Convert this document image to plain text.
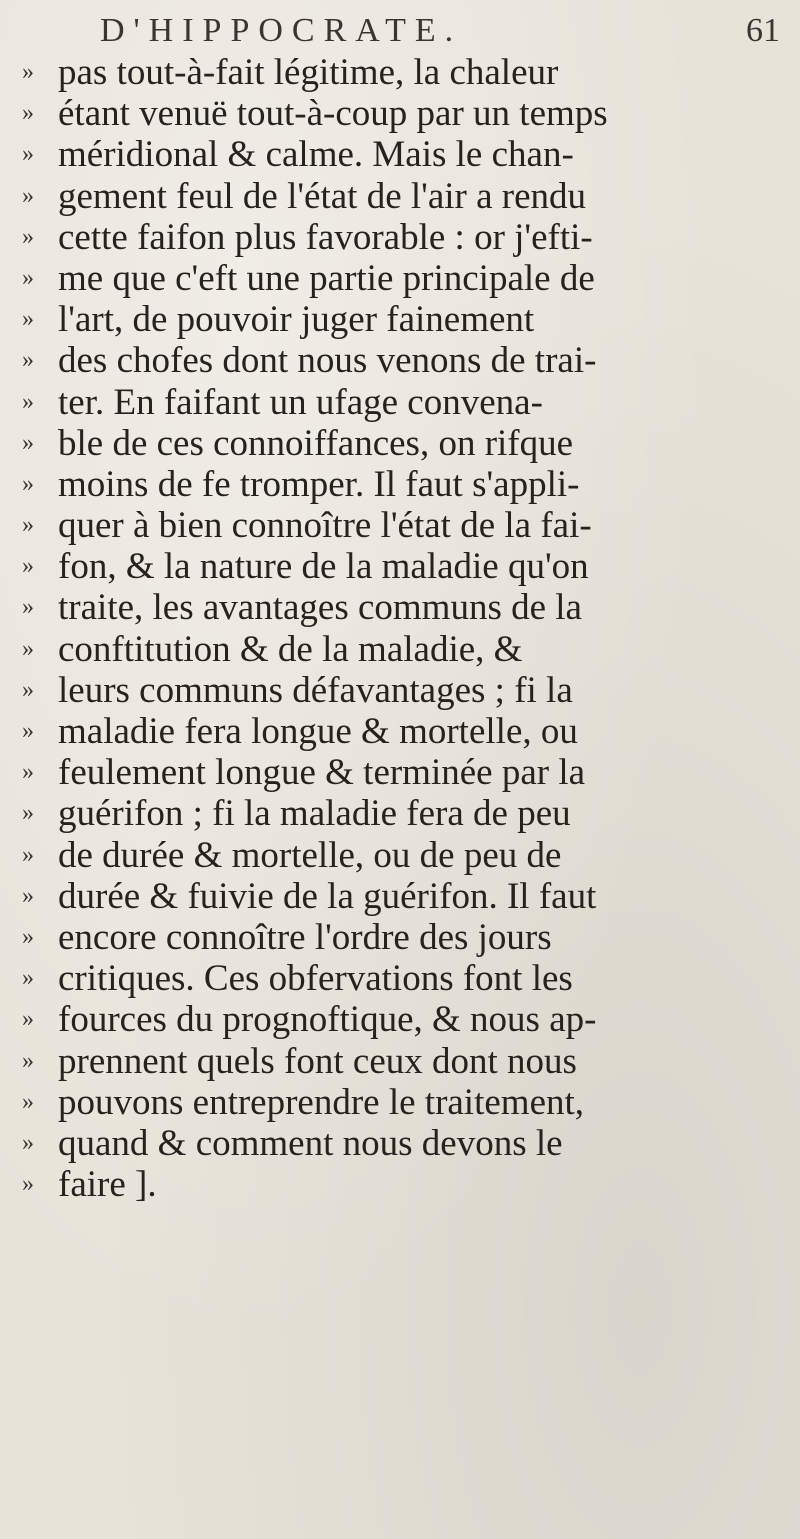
D'HIPPOCRATE.	61
» pas tout-à-fait légitime, la chaleur
» étant venuë tout-à-coup par un temps
» méridional & calme. Mais le chan-
» gement feul de l'état de l'air a rendu
» cette faifon plus favorable : or j'efti-
» me que c'eft une partie principale de
» l'art, de pouvoir juger fainement
» des chofes dont nous venons de trai-
» ter. En faifant un ufage convena-
» ble de ces connoiffances, on rifque
» moins de fe tromper. Il faut s'appli-
» quer à bien connoître l'état de la fai-
» fon, & la nature de la maladie qu'on
» traite, les avantages communs de la
» conftitution & de la maladie, &
» leurs communs défavantages ; fi la
» maladie fera longue & mortelle, ou
» feulement longue & terminée par la
» guérifon ; fi la maladie fera de peu
» de durée & mortelle, ou de peu de
» durée & fuivie de la guérifon. Il faut
» encore connoître l'ordre des jours
» critiques. Ces obfervations font les
» fources du prognoftique, & nous ap-
» prennent quels font ceux dont nous
» pouvons entreprendre le traitement,
» quand & comment nous devons le
» faire ].
